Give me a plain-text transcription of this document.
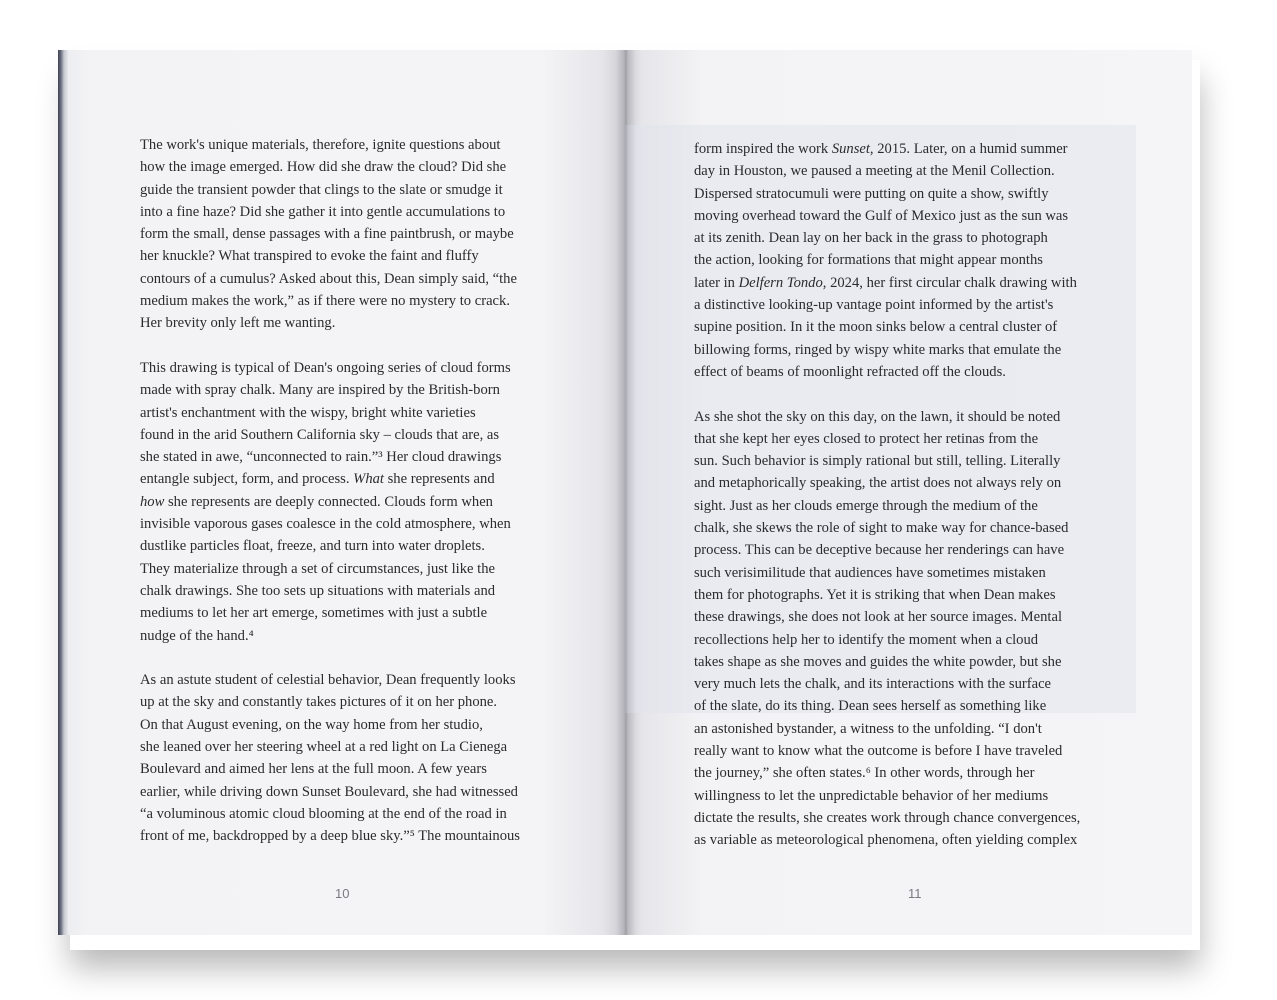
The work's unique materials, therefore, ignite questions about
how the image emerged. How did she draw the cloud? Did she
guide the transient powder that clings to the slate or smudge it
into a fine haze? Did she gather it into gentle accumulations to
form the small, dense passages with a fine paintbrush, or maybe
her knuckle? What transpired to evoke the faint and fluffy
contours of a cumulus? Asked about this, Dean simply said, “the
medium makes the work,” as if there were no mystery to crack.
Her brevity only left me wanting.
This drawing is typical of Dean's ongoing series of cloud forms
made with spray chalk. Many are inspired by the British-born
artist's enchantment with the wispy, bright white varieties
found in the arid Southern California sky – clouds that are, as
she stated in awe, “unconnected to rain.”³ Her cloud drawings
entangle subject, form, and process. What she represents and
how she represents are deeply connected. Clouds form when
invisible vaporous gases coalesce in the cold atmosphere, when
dustlike particles float, freeze, and turn into water droplets.
They materialize through a set of circumstances, just like the
chalk drawings. She too sets up situations with materials and
mediums to let her art emerge, sometimes with just a subtle
nudge of the hand.⁴
As an astute student of celestial behavior, Dean frequently looks
up at the sky and constantly takes pictures of it on her phone.
On that August evening, on the way home from her studio,
she leaned over her steering wheel at a red light on La Cienega
Boulevard and aimed her lens at the full moon. A few years
earlier, while driving down Sunset Boulevard, she had witnessed
“a voluminous atomic cloud blooming at the end of the road in
front of me, backdropped by a deep blue sky.”⁵ The mountainous
10
form inspired the work Sunset, 2015. Later, on a humid summer
day in Houston, we paused a meeting at the Menil Collection.
Dispersed stratocumuli were putting on quite a show, swiftly
moving overhead toward the Gulf of Mexico just as the sun was
at its zenith. Dean lay on her back in the grass to photograph
the action, looking for formations that might appear months
later in Delfern Tondo, 2024, her first circular chalk drawing with
a distinctive looking-up vantage point informed by the artist's
supine position. In it the moon sinks below a central cluster of
billowing forms, ringed by wispy white marks that emulate the
effect of beams of moonlight refracted off the clouds.
As she shot the sky on this day, on the lawn, it should be noted
that she kept her eyes closed to protect her retinas from the
sun. Such behavior is simply rational but still, telling. Literally
and metaphorically speaking, the artist does not always rely on
sight. Just as her clouds emerge through the medium of the
chalk, she skews the role of sight to make way for chance-based
process. This can be deceptive because her renderings can have
such verisimilitude that audiences have sometimes mistaken
them for photographs. Yet it is striking that when Dean makes
these drawings, she does not look at her source images. Mental
recollections help her to identify the moment when a cloud
takes shape as she moves and guides the white powder, but she
very much lets the chalk, and its interactions with the surface
of the slate, do its thing. Dean sees herself as something like
an astonished bystander, a witness to the unfolding. “I don't
really want to know what the outcome is before I have traveled
the journey,” she often states.⁶ In other words, through her
willingness to let the unpredictable behavior of her mediums
dictate the results, she creates work through chance convergences,
as variable as meteorological phenomena, often yielding complex
11
